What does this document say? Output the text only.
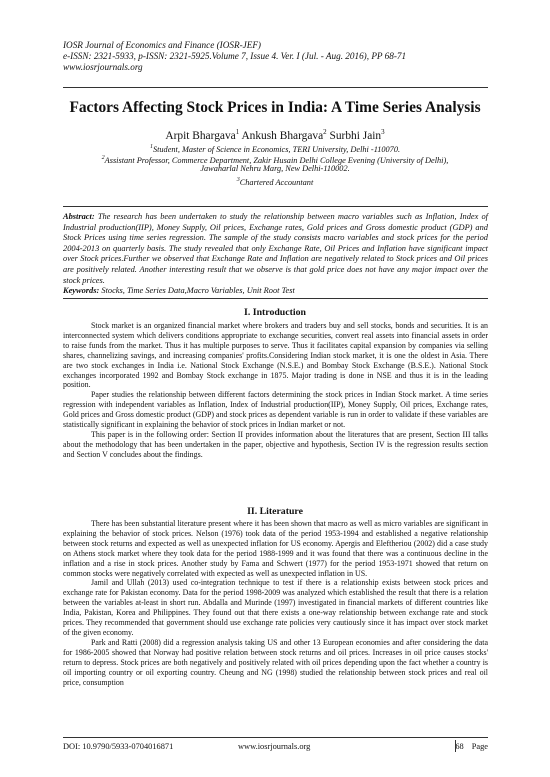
IOSR Journal of Economics and Finance (IOSR-JEF)
e-ISSN: 2321-5933, p-ISSN: 2321-5925.Volume 7, Issue 4. Ver. I (Jul. - Aug. 2016), PP 68-71
www.iosrjournals.org
Factors Affecting Stock Prices in India: A Time Series Analysis
Arpit Bhargava$^1$ Ankush Bhargava$^2$ Surbhi Jain$^3$
$^1$Student, Master of Science in Economics, TERI University, Delhi -110070.
$^2$Assistant Professor, Commerce Department, Zakir Husain Delhi College Evening (University of Delhi),
Jawaharlal Nehru Marg, New Delhi-110002.
$^3$Chartered Accountant
Abstract: The research has been undertaken to study the relationship between macro variables such as Inflation, Index of Industrial production(IIP), Money Supply, Oil prices, Exchange rates, Gold prices and Gross domestic product (GDP) and Stock Prices using time series regression. The sample of the study consists macro variables and stock prices for the period 2004-2013 on quarterly basis. The study revealed that only Exchange Rate, Oil Prices and Inflation have significant impact over Stock prices.Further we observed that Exchange Rate and Inflation are negatively related to Stock prices and Oil prices are positively related. Another interesting result that we observe is that gold price does not have any major impact over the stock prices.
Keywords: Stocks, Time Series Data,Macro Variables, Unit Root Test
I. Introduction

Stock market is an organized financial market where brokers and traders buy and sell stocks, bonds and securities. It is an interconnected system which delivers conditions appropriate to exchange securities, convert real assets into financial assets in order to raise funds from the market. Thus it has multiple purposes to serve. Thus it facilitates capital expansion by companies via selling shares, channelizing savings, and increasing companies' profits.Considering Indian stock market, it is one the oldest in Asia. There are two stock exchanges in India i.e. National Stock Exchange (N.S.E.) and Bombay Stock Exchange (B.S.E.). National Stock exchanges incorporated 1992 and Bombay Stock exchange in 1875. Major trading is done in NSE and thus it is in the leading position.

Paper studies the relationship between different factors determining the stock prices in Indian Stock market. A time series regression with independent variables as Inflation, Index of Industrial production(IIP), Money Supply, Oil prices, Exchange rates, Gold prices and Gross domestic product (GDP) and stock prices as dependent variable is run in order to validate if these variables are statistically significant in explaining the behavior of stock prices in Indian market or not.

This paper is in the following order: Section II provides information about the literatures that are present, Section III talks about the methodology that has been undertaken in the paper, objective and hypothesis, Section IV is the regression results section and Section V concludes about the findings.

II. Literature

There has been substantial literature present where it has been shown that macro as well as micro variables are significant in explaining the behavior of stock prices. Nelson (1976) took data of the period 1953-1994 and established a negative relationship between stock returns and expected as well as unexpected inflation for US economy. Apergis and Eleftheriou (2002) did a case study on Athens stock market where they took data for the period 1988-1999 and it was found that there was a continuous decline in the inflation and a rise in stock prices. Another study by Fama and Schwert (1977) for the period 1953-1971 showed that return on common stocks were negatively correlated with expected as well as unexpected inflation in US.

Jamil and Ullah (2013) used co-integration technique to test if there is a relationship exists between stock prices and exchange rate for Pakistan economy. Data for the period 1998-2009 was analyzed which established the result that there is a relation between the variables at-least in short run. Abdalla and Murinde (1997) investigated in financial markets of different countries like India, Pakistan, Korea and Philippines. They found out that there exists a one-way relationship between exchange rate and stock prices. They recommended that government should use exchange rate policies very cautiously since it has impact over stock market of the given economy.

Park and Ratti (2008) did a regression analysis taking US and other 13 European economies and after considering the data for 1986-2005 showed that Norway had positive relation between stock returns and oil prices. Increases in oil price causes stocks' return to depress. Stock prices are both negatively and positively related with oil prices depending upon the fact whether a country is oil importing country or oil exporting country. Cheung and NG (1998) studied the relationship between stock prices and real oil price, consumption

DOI: 10.9790/5933-0704016871	www.iosrjournals.org	68 Page
